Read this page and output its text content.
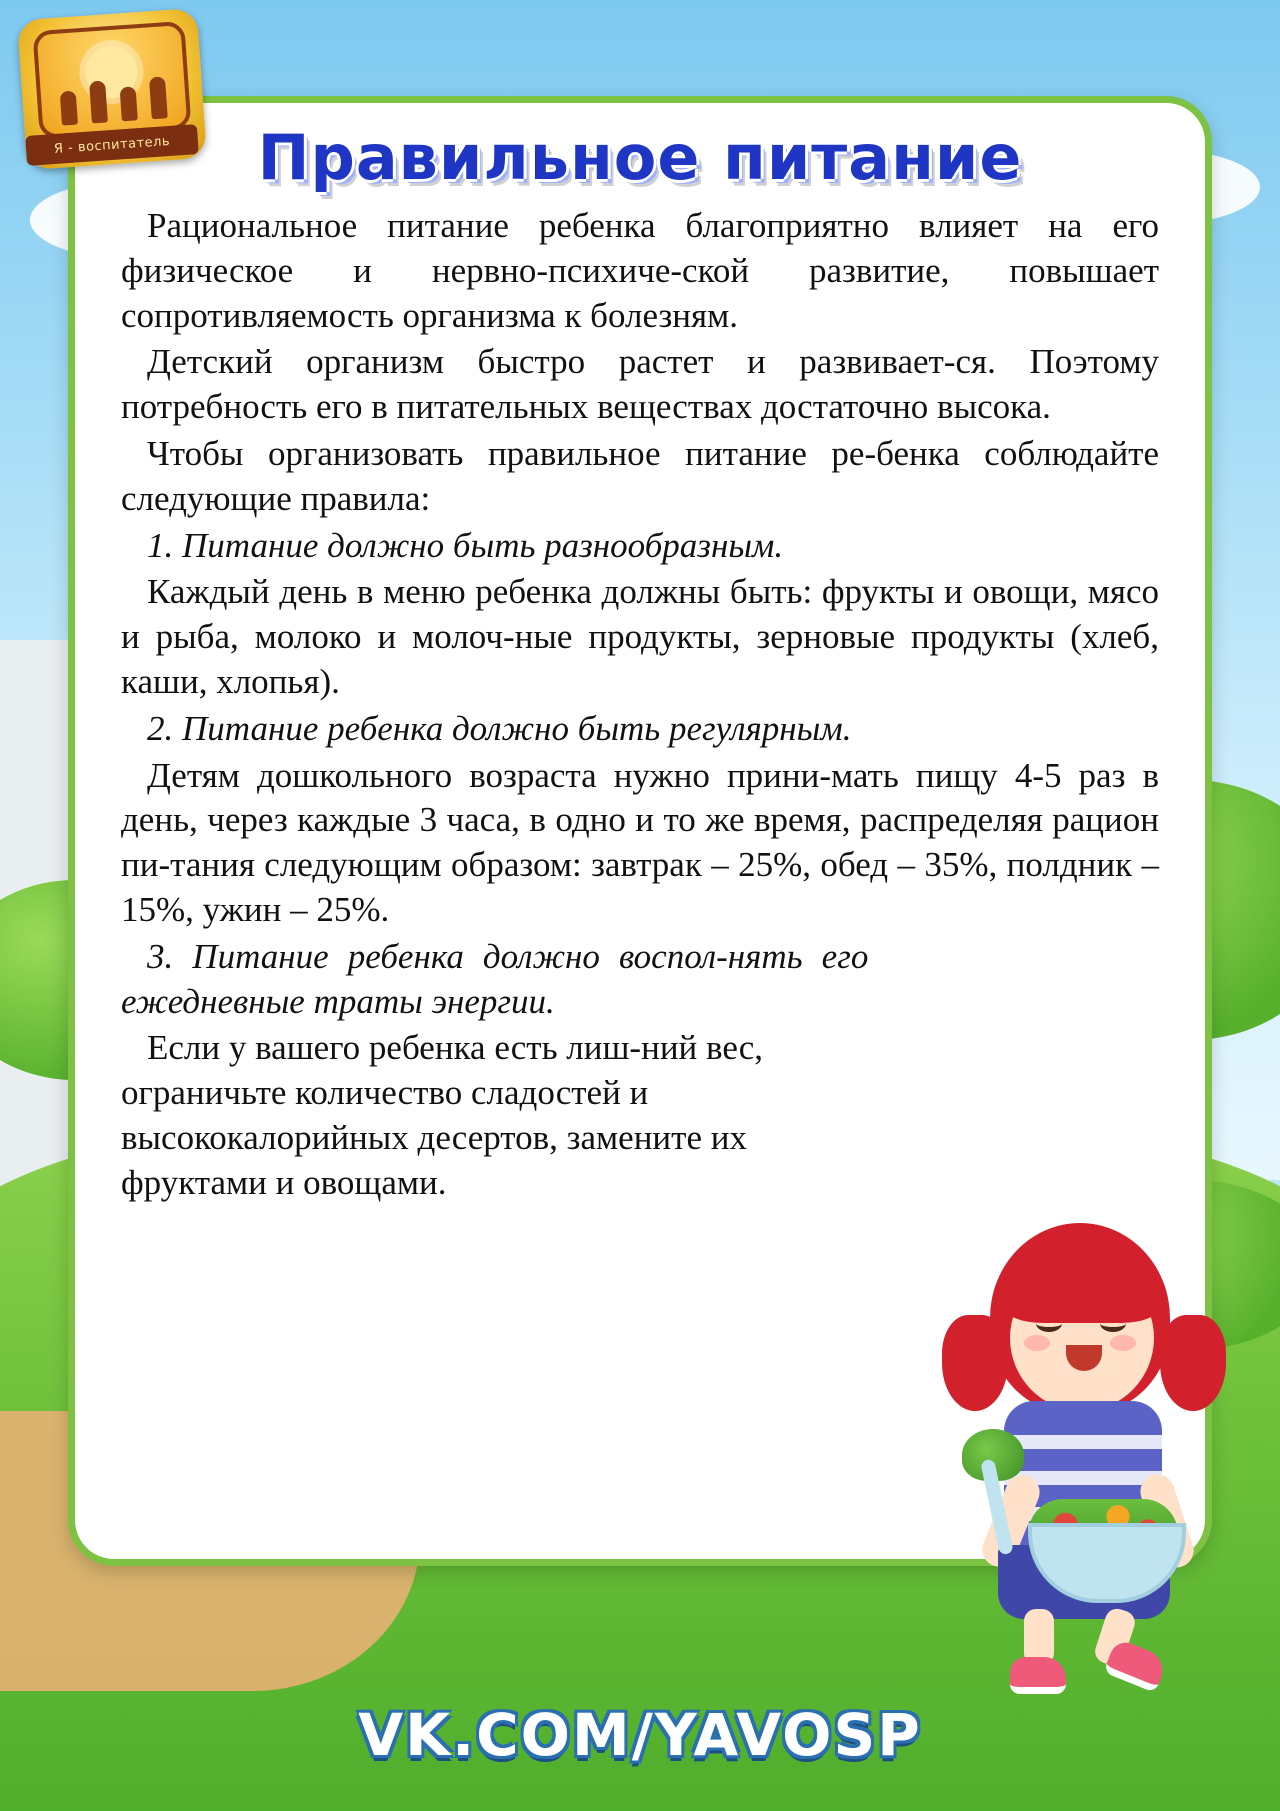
Правильное питание

Рациональное питание ребенка благоприятно влияет на его физическое и нервно-психиче-ской развитие, повышает сопротивляемость организма к болезням.

Детский организм быстро растет и развивает-ся. Поэтому потребность его в питательных веществах достаточно высока.

Чтобы организовать правильное питание ре-бенка соблюдайте следующие правила:

1. Питание должно быть разнообразным.

Каждый день в меню ребенка должны быть: фрукты и овощи, мясо и рыба, молоко и молоч-ные продукты, зерновые продукты (хлеб, каши, хлопья).

2. Питание ребенка должно быть регулярным.

Детям дошкольного возраста нужно прини-мать пищу 4-5 раз в день, через каждые 3 часа, в одно и то же время, распределяя рацион пи-тания следующим образом: завтрак – 25%, обед – 35%, полдник – 15%, ужин – 25%.

3. Питание ребенка должно воспол-нять его ежедневные траты энергии.

Если у вашего ребенка есть лиш-ний вес, ограничьте количество сладостей и высококалорийных десертов, замените их фруктами и овощами.

Я - воспитатель
VK.COM/YAVOSP
